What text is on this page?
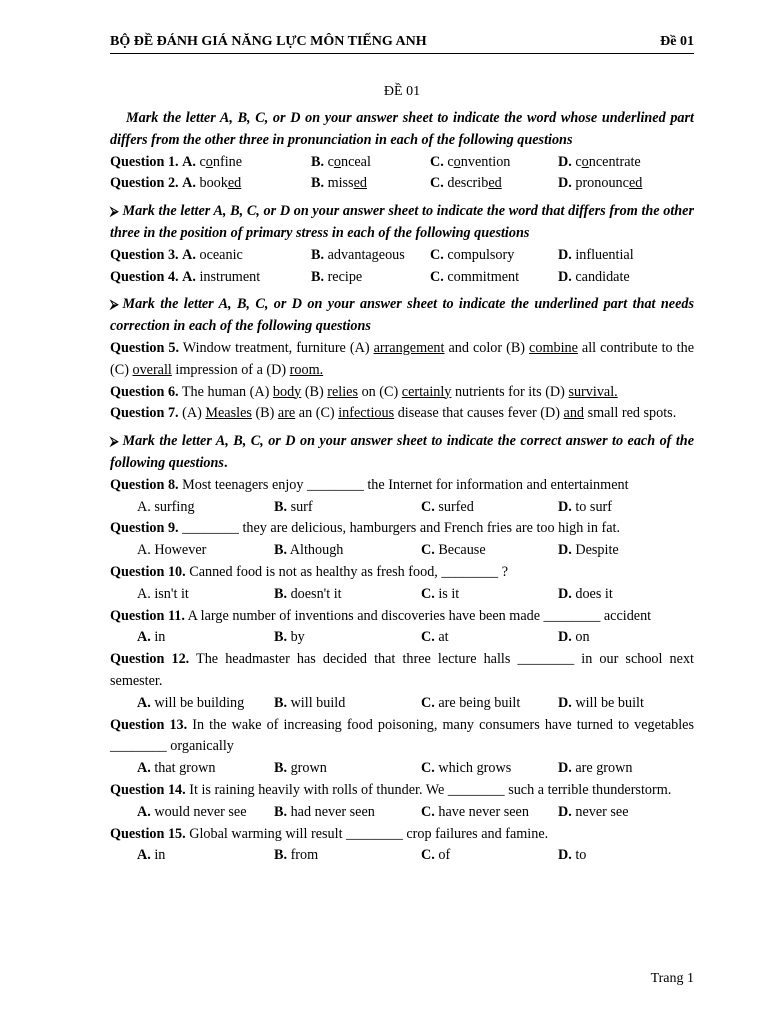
BỘ ĐỀ ĐÁNH GIÁ NĂNG LỰC MÔN TIẾNG ANH	Đề 01
ĐỀ 01

Mark the letter A, B, C, or D on your answer sheet to indicate the word whose underlined part differs from the other three in pronunciation in each of the following questions

Question 1. A. confine	B. conceal	C. convention	D. concentrate
Question 2. A. booked	B. missed	C. described	D. pronounced

⮚ Mark the letter A, B, C, or D on your answer sheet to indicate the word that differs from the other three in the position of primary stress in each of the following questions

Question 3. A. oceanic	B. advantageous C. compulsory	D. influential
Question 4. A. instrument	B. recipe	C. commitment	D. candidate

⮚ Mark the letter A, B, C, or D on your answer sheet to indicate the underlined part that needs correction in each of the following questions

Question 5. Window treatment, furniture (A) arrangement and color (B) combine all contribute to the (C) overall impression of a (D) room.

Question 6. The human (A) body (B) relies on (C) certainly nutrients for its (D) survival.

Question 7. (A) Measles (B) are an (C) infectious disease that causes fever (D) and small red spots.

⮚ Mark the letter A, B, C, or D on your answer sheet to indicate the correct answer to each of the following questions.

Question 8. Most teenagers enjoy ________ the Internet for information and entertainment

A. surfing	B. surf	C. surfed	D. to surf

Question 9. ________ they are delicious, hamburgers and French fries are too high in fat.

A. However	B. Although	C. Because	D. Despite

Question 10. Canned food is not as healthy as fresh food, ________ ?

A. isn't it	B. doesn't it	C. is it	D. does it

Question 11. A large number of inventions and discoveries have been made ________ accident

A. in	B. by	C. at	D. on

Question 12. The headmaster has decided that three lecture halls ________ in our school next semester.

A. will be building B. will build	C. are being built	D. will be built

Question 13. In the wake of increasing food poisoning, many consumers have turned to vegetables ________ organically

A. that grown	B. grown	C. which grows	D. are grown

Question 14. It is raining heavily with rolls of thunder. We ________ such a terrible thunderstorm.

A. would never see B. had never seen	C. have never seen D. never see

Question 15. Global warming will result ________ crop failures and famine.

A. in	B. from	C. of	D. to
Trang 1
